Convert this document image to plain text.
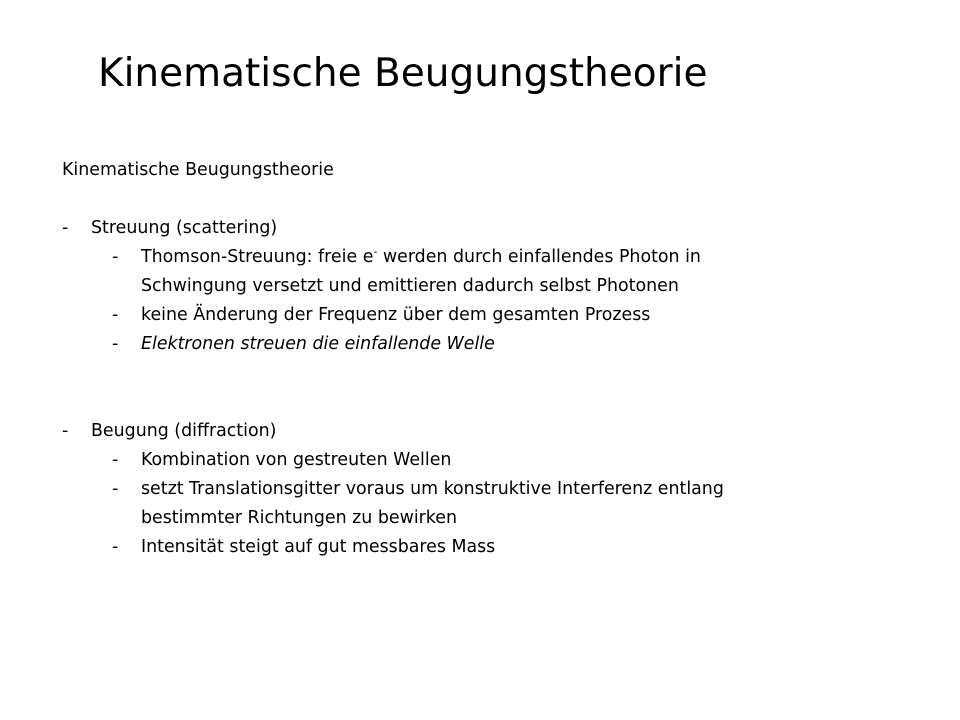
Kinematische Beugungstheorie
Kinematische Beugungstheorie
- Streuung (scattering)
- Thomson-Streuung: freie e- werden durch einfallendes Photon in
Schwingung versetzt und emittieren dadurch selbst Photonen
- keine Änderung der Frequenz über dem gesamten Prozess
- Elektronen streuen die einfallende Welle
- Beugung (diffraction)
- Kombination von gestreuten Wellen
- setzt Translationsgitter voraus um konstruktive Interferenz entlang
bestimmter Richtungen zu bewirken
- Intensität steigt auf gut messbares Mass
